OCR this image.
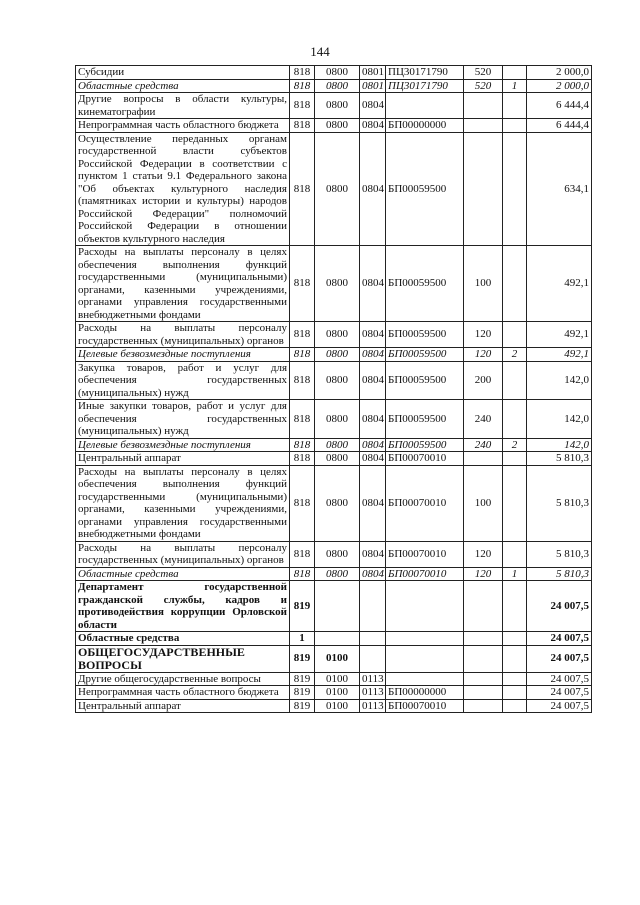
144
Субсидии	818	0800	0801	ПЦ30171790	520		2 000,0
Областные средства	818	0800	0801	ПЦ30171790	520	1	2 000,0
Другие вопросы в области культуры, кинематографии	818	0800	0804				6 444,4
Непрограммная часть областного бюджета	818	0800	0804	БП00000000			6 444,4
Осуществление переданных органам государственной власти субъектов Российской Федерации в соответствии с пунктом 1 статьи 9.1 Федерального закона "Об объектах культурного наследия (памятниках истории и культуры) народов Российской Федерации" полномочий Российской Федерации в отношении объектов культурного наследия	818	0800	0804	БП00059500			634,1
Расходы на выплаты персоналу в целях обеспечения выполнения функций государственными (муниципальными) органами, казенными учреждениями, органами управления государственными внебюджетными фондами	818	0800	0804	БП00059500	100		492,1
Расходы на выплаты персоналу государственных (муниципальных) органов	818	0800	0804	БП00059500	120		492,1
Целевые безвозмездные поступления	818	0800	0804	БП00059500	120	2	492,1
Закупка товаров, работ и услуг для обеспечения государственных (муниципальных) нужд	818	0800	0804	БП00059500	200		142,0
Иные закупки товаров, работ и услуг для обеспечения государственных (муниципальных) нужд	818	0800	0804	БП00059500	240		142,0
Целевые безвозмездные поступления	818	0800	0804	БП00059500	240	2	142,0
Центральный аппарат	818	0800	0804	БП00070010			5 810,3
Расходы на выплаты персоналу в целях обеспечения выполнения функций государственными (муниципальными) органами, казенными учреждениями, органами управления государственными внебюджетными фондами	818	0800	0804	БП00070010	100		5 810,3
Расходы на выплаты персоналу государственных (муниципальных) органов	818	0800	0804	БП00070010	120		5 810,3
Областные средства	818	0800	0804	БП00070010	120	1	5 810,3
Департамент государственной гражданской службы, кадров и противодействия коррупции Орловской области	819						24 007,5
Областные средства	1						24 007,5
ОБЩЕГОСУДАРСТВЕННЫЕ ВОПРОСЫ	819	0100					24 007,5
Другие общегосударственные вопросы	819	0100	0113				24 007,5
Непрограммная часть областного бюджета	819	0100	0113	БП00000000			24 007,5
Центральный аппарат	819	0100	0113	БП00070010			24 007,5
